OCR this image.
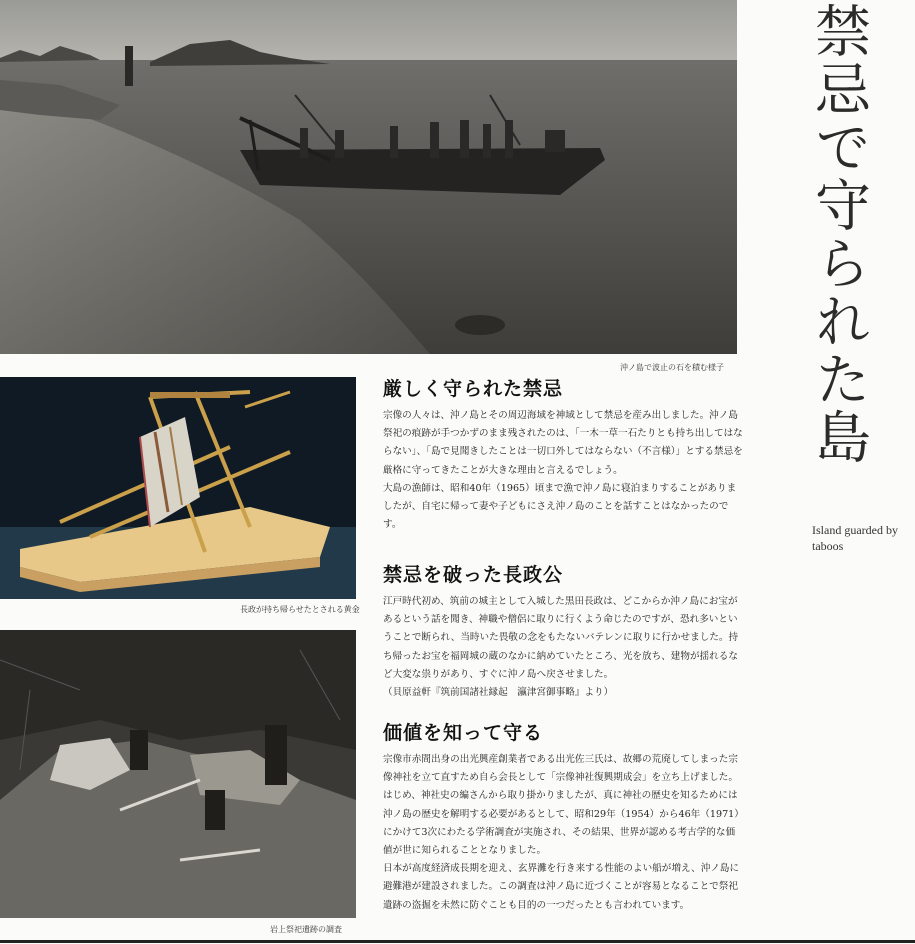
沖ノ島で波止の石を積む様子
長政が持ち帰らせたとされる黄金
岩上祭祀遺跡の調査
禁忌で守られた島
Island guarded by taboos
厳しく守られた禁忌

宗像の人々は、沖ノ島とその周辺海域を神域として禁忌を産み出しました。沖ノ島祭祀の痕跡が手つかずのまま残されたのは、「一木一草一石たりとも持ち出してはならない」、「島で見聞きしたことは一切口外してはならない（不言様）」とする禁忌を厳格に守ってきたことが大きな理由と言えるでしょう。

大島の漁師は、昭和40年（1965）頃まで漁で沖ノ島に寝泊まりすることがありましたが、自宅に帰って妻や子どもにさえ沖ノ島のことを話すことはなかったのです。

禁忌を破った長政公

江戸時代初め、筑前の城主として入城した黒田長政は、どこからか沖ノ島にお宝があるという話を聞き、神職や僧侶に取りに行くよう命じたのですが、恐れ多いということで断られ、当時いた畏敬の念をもたないバテレンに取りに行かせました。持ち帰ったお宝を福岡城の蔵のなかに納めていたところ、光を放ち、建物が揺れるなど大変な祟りがあり、すぐに沖ノ島へ戻させました。

（貝原益軒『筑前国諸社縁起　瀛津宮御事略』より）

価値を知って守る

宗像市赤間出身の出光興産創業者である出光佐三氏は、故郷の荒廃してしまった宗像神社を立て直すため自ら会長として「宗像神社復興期成会」を立ち上げました。はじめ、神社史の編さんから取り掛かりましたが、真に神社の歴史を知るためには沖ノ島の歴史を解明する必要があるとして、昭和29年（1954）から46年（1971）にかけて3次にわたる学術調査が実施され、その結果、世界が認める考古学的な価値が世に知られることとなりました。

日本が高度経済成長期を迎え、玄界灘を行き来する性能のよい船が増え、沖ノ島に避難港が建設されました。この調査は沖ノ島に近づくことが容易となることで祭祀遺跡の盗掘を未然に防ぐことも目的の一つだったとも言われています。
